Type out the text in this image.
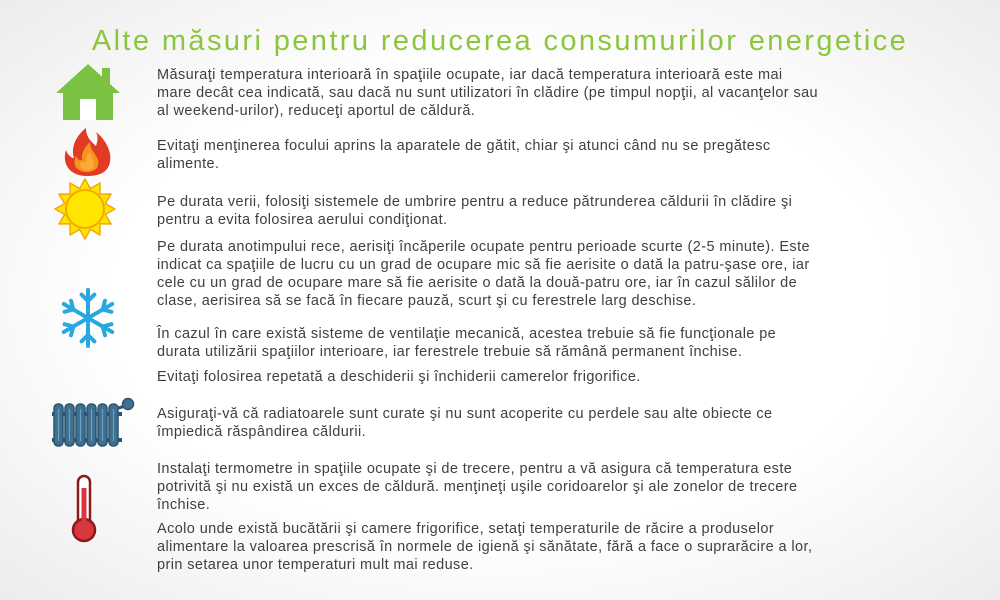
Alte măsuri pentru reducerea consumurilor energetice
Măsuraţi temperatura interioară în spaţiile ocupate, iar dacă temperatura interioară este mai
mare decât cea indicată, sau dacă nu sunt utilizatori în clădire (pe timpul nopţii, al vacanţelor sau
al weekend-urilor), reduceţi aportul de căldură.
Evitaţi menţinerea focului aprins la aparatele de gătit, chiar şi atunci când nu se pregătesc
alimente.
Pe durata verii, folosiţi sistemele de umbrire pentru a reduce pătrunderea căldurii în clădire şi
pentru a evita folosirea aerului condiţionat.
Pe durata anotimpului rece, aerisiţi încăperile ocupate pentru perioade scurte (2-5 minute). Este
indicat ca spaţiile de lucru cu un grad de ocupare mic să fie aerisite o dată la patru-şase ore, iar
cele cu un grad de ocupare mare să fie aerisite o dată la două-patru ore, iar în cazul sălilor de
clase, aerisirea să se facă în fiecare pauză, scurt şi cu ferestrele larg deschise.
În cazul în care există sisteme de ventilaţie mecanică, acestea trebuie să fie funcţionale pe
durata utilizării spaţiilor interioare, iar ferestrele trebuie să rămână permanent închise.
Evitaţi folosirea repetată a deschiderii şi închiderii camerelor frigorifice.
Asiguraţi-vă că radiatoarele sunt curate şi nu sunt acoperite cu perdele sau alte obiecte ce
împiedică răspândirea căldurii.
Instalaţi termometre in spaţiile ocupate şi de trecere, pentru a vă asigura că temperatura este
potrivită şi nu există un exces de căldură. menţineţi uşile coridoarelor şi ale zonelor de trecere
închise.
Acolo unde există bucătării şi camere frigorifice, setaţi temperaturile de răcire a produselor
alimentare la valoarea prescrisă în normele de igienă şi sănătate, fără a face o suprarăcire a lor,
prin setarea unor temperaturi mult mai reduse.
